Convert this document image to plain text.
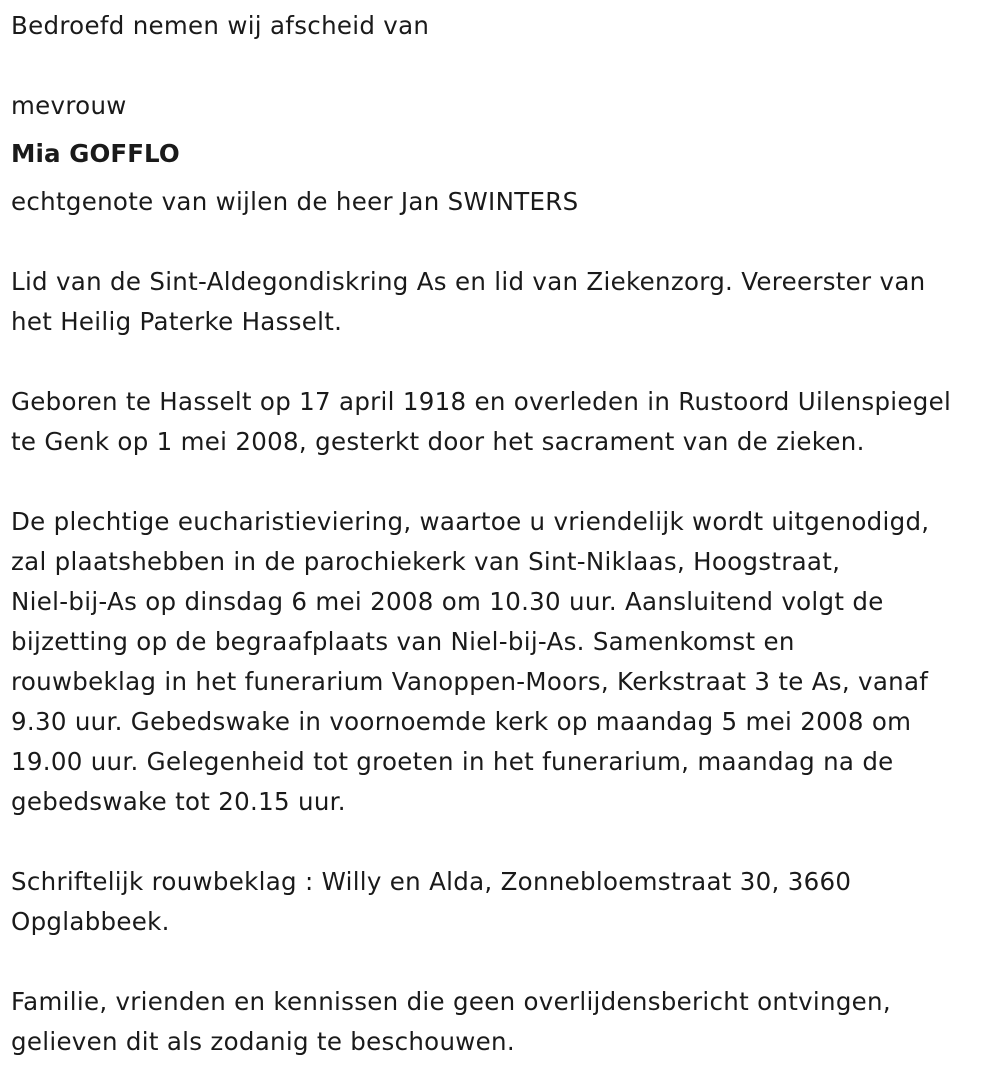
Bedroefd nemen wij afscheid van
mevrouw
Mia GOFFLO
echtgenote van wijlen de heer Jan SWINTERS
Lid van de Sint-Aldegondiskring As en lid van Ziekenzorg. Vereerster van
het Heilig Paterke Hasselt.
Geboren te Hasselt op 17 april 1918 en overleden in Rustoord Uilenspiegel
te Genk op 1 mei 2008, gesterkt door het sacrament van de zieken.
De plechtige eucharistieviering, waartoe u vriendelijk wordt uitgenodigd,
zal plaatshebben in de parochiekerk van Sint-Niklaas, Hoogstraat,
Niel-bij-As op dinsdag 6 mei 2008 om 10.30 uur. Aansluitend volgt de
bijzetting op de begraafplaats van Niel-bij-As. Samenkomst en
rouwbeklag in het funerarium Vanoppen-Moors, Kerkstraat 3 te As, vanaf
9.30 uur. Gebedswake in voornoemde kerk op maandag 5 mei 2008 om
19.00 uur. Gelegenheid tot groeten in het funerarium, maandag na de
gebedswake tot 20.15 uur.
Schriftelijk rouwbeklag : Willy en Alda, Zonnebloemstraat 30, 3660
Opglabbeek.
Familie, vrienden en kennissen die geen overlijdensbericht ontvingen,
gelieven dit als zodanig te beschouwen.
